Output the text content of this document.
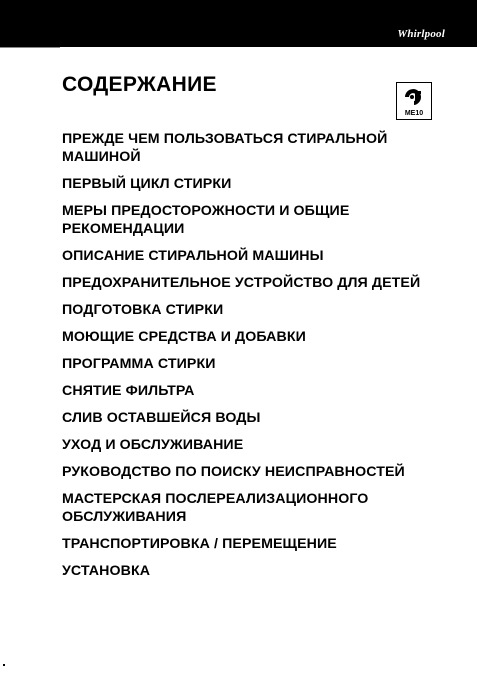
Whirlpool
СОДЕРЖАНИЕ
МЕ10
ПРЕЖДЕ ЧЕМ ПОЛЬЗОВАТЬСЯ СТИРАЛЬНОЙ МАШИНОЙ
ПЕРВЫЙ ЦИКЛ СТИРКИ
МЕРЫ ПРЕДОСТОРОЖНОСТИ И ОБЩИЕ РЕКОМЕНДАЦИИ
ОПИСАНИЕ СТИРАЛЬНОЙ МАШИНЫ
ПРЕДОХРАНИТЕЛЬНОЕ УСТРОЙСТВО ДЛЯ ДЕТЕЙ
ПОДГОТОВКА СТИРКИ
МОЮЩИЕ СРЕДСТВА И ДОБАВКИ
ПРОГРАММА СТИРКИ
СНЯТИЕ ФИЛЬТРА
СЛИВ ОСТАВШЕЙСЯ ВОДЫ
УХОД И ОБСЛУЖИВАНИЕ
РУКОВОДСТВО ПО ПОИСКУ НЕИСПРАВНОСТЕЙ
МАСТЕРСКАЯ ПОСЛЕРЕАЛИЗАЦИОННОГО ОБСЛУЖИВАНИЯ
ТРАНСПОРТИРОВКА / ПЕРЕМЕЩЕНИЕ
УСТАНОВКА
